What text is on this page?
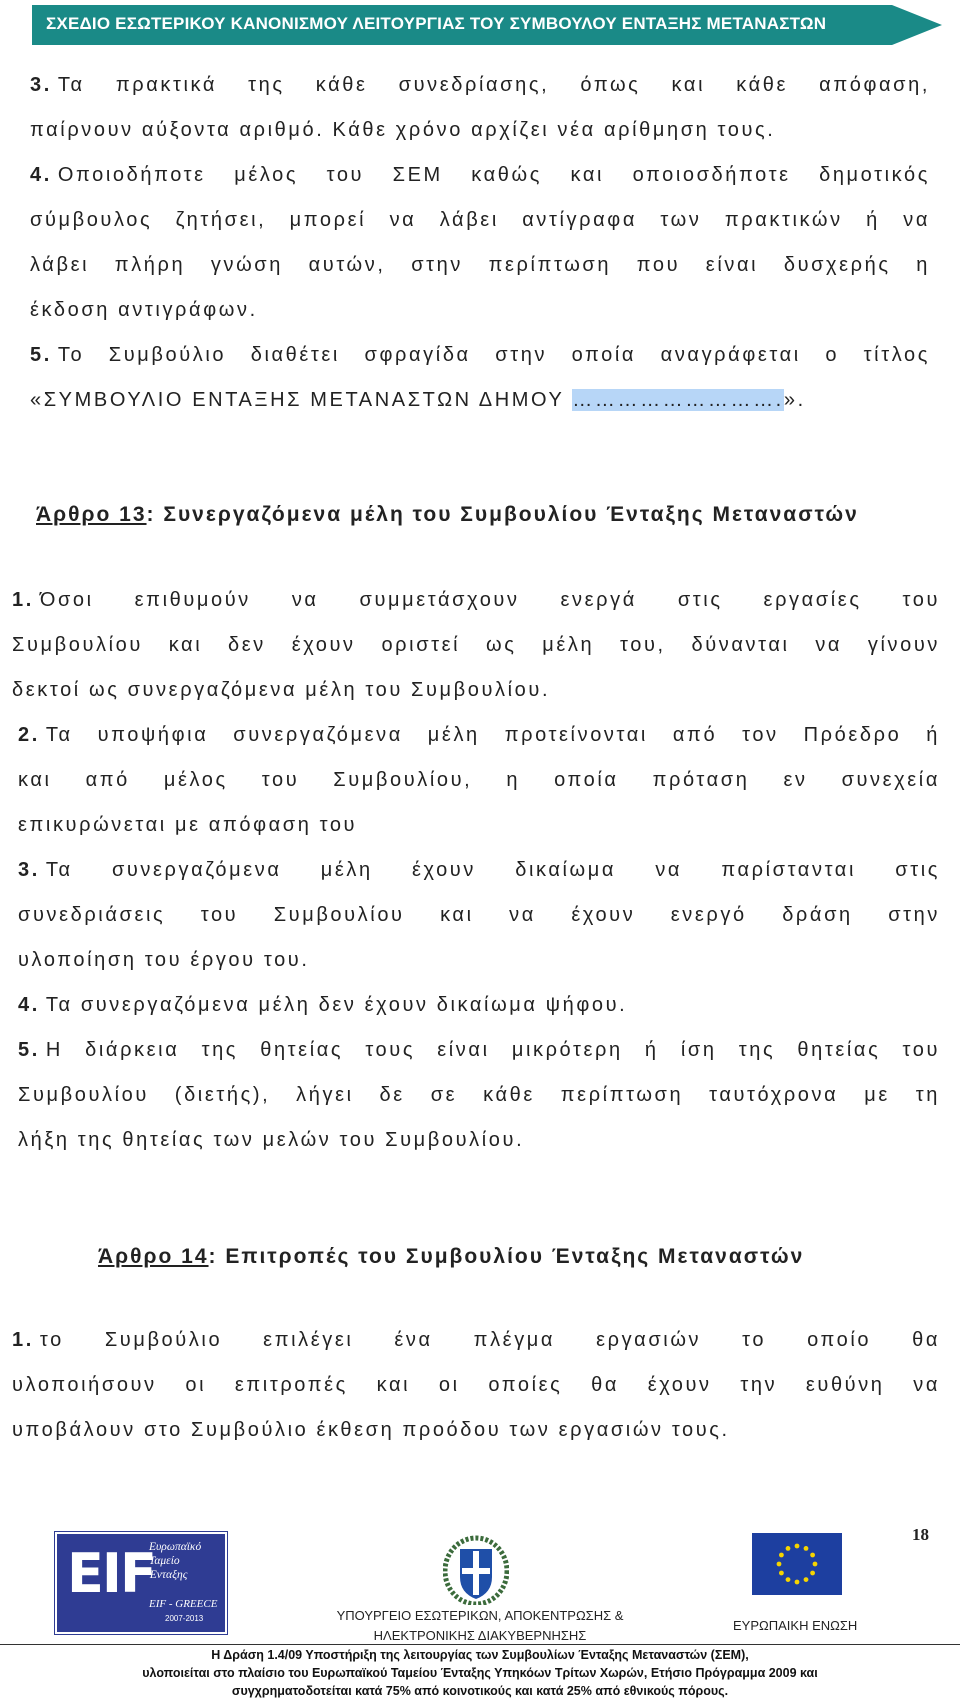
ΣΧΕΔΙΟ ΕΣΩΤΕΡΙΚΟΥ ΚΑΝΟΝΙΣΜΟΥ ΛΕΙΤΟΥΡΓΙΑΣ ΤΟΥ ΣΥΜΒΟΥΛΟΥ ΕΝΤΑΞΗΣ ΜΕΤΑΝΑΣΤΩΝ
3. Τα πρακτικά της κάθε συνεδρίασης, όπως και κάθε απόφαση,
παίρνουν αύξοντα αριθμό. Κάθε χρόνο αρχίζει νέα αρίθμηση τους.
4. Οποιοδήποτε μέλος του ΣΕΜ καθώς και οποιοσδήποτε δημοτικός
σύμβουλος ζητήσει, μπορεί να λάβει αντίγραφα των πρακτικών ή να
λάβει πλήρη γνώση αυτών, στην περίπτωση που είναι δυσχερής η
έκδοση αντιγράφων.
5. Το Συμβούλιο διαθέτει σφραγίδα στην οποία αναγράφεται ο τίτλος
«ΣΥΜΒΟΥΛΙΟ ΕΝΤΑΞΗΣ ΜΕΤΑΝΑΣΤΩΝ ΔΗΜΟΥ ……………………….».
Άρθρο 13: Συνεργαζόμενα μέλη του Συμβουλίου Ένταξης Μεταναστών
1. Όσοι επιθυμούν να συμμετάσχουν ενεργά στις εργασίες του
Συμβουλίου και δεν έχουν οριστεί ως μέλη του, δύνανται να γίνουν
δεκτοί ως συνεργαζόμενα μέλη του Συμβουλίου.
2. Τα υποψήφια συνεργαζόμενα μέλη προτείνονται από τον Πρόεδρο ή
και από μέλος του Συμβουλίου, η οποία πρόταση εν συνεχεία
επικυρώνεται με απόφαση του
3. Τα συνεργαζόμενα μέλη έχουν δικαίωμα να παρίστανται στις
συνεδριάσεις του Συμβουλίου και να έχουν ενεργό δράση στην
υλοποίηση του έργου του.
4. Τα συνεργαζόμενα μέλη δεν έχουν δικαίωμα ψήφου.
5. Η διάρκεια της θητείας τους είναι μικρότερη ή ίση της θητείας του
Συμβουλίου (διετής), λήγει δε σε κάθε περίπτωση ταυτόχρονα με τη
λήξη της θητείας των μελών του Συμβουλίου.
Άρθρο 14: Επιτροπές του Συμβουλίου Ένταξης Μεταναστών
1. το Συμβούλιο επιλέγει ένα πλέγμα εργασιών το οποίο θα
υλοποιήσουν οι επιτροπές και οι οποίες θα έχουν την ευθύνη να
υποβάλουν στο Συμβούλιο έκθεση προόδου των εργασιών τους.
18
EIF
Ευρωπαϊκό
Ταμείο
Ένταξης
EIF - GREECE
2007-2013	ΥΠΟΥΡΓΕΙΟ ΕΣΩΤΕΡΙΚΩΝ, ΑΠΟΚΕΝΤΡΩΣΗΣ &
ΗΛΕΚΤΡΟΝΙΚΗΣ ΔΙΑΚΥΒΕΡΝΗΣΗΣ
ΕΥΡΩΠΑΙΚΗ ΕΝΩΣΗ
Η Δράση 1.4/09 Υποστήριξη της λειτουργίας των Συμβουλίων Ένταξης Μεταναστών (ΣΕΜ),
υλοποιείται στο πλαίσιο του Ευρωπαϊκού Ταμείου Ένταξης Υπηκόων Τρίτων Χωρών, Ετήσιο Πρόγραμμα 2009 και
συγχρηματοδοτείται κατά 75% από κοινοτικούς και κατά 25% από εθνικούς πόρους.
